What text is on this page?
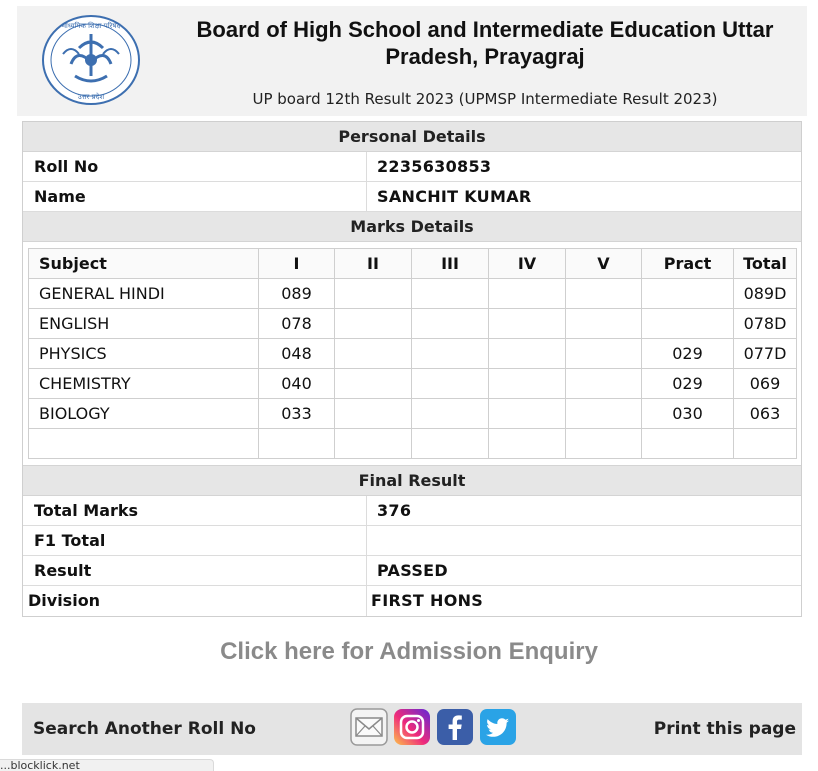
माध्यमिक शिक्षा परिषद
उत्तर प्रदेश
Board of High School and Intermediate Education Uttar Pradesh, Prayagraj
UP board 12th Result 2023 (UPMSP Intermediate Result 2023)
Personal Details
Roll No	2235630853
Name	SANCHIT KUMAR
Marks Details
Subject	I	II	III	IV	V	Pract	Total
GENERAL HINDI	089						089D
ENGLISH	078						078D
PHYSICS	048					029	077D
CHEMISTRY	040					029	069
BIOLOGY	033					030	063

Final Result
Total Marks	376
F1 Total
Result	PASSED
Division	FIRST HONS
Click here for Admission Enquiry
Search Another Roll No	Print this page
...blocklick.net
